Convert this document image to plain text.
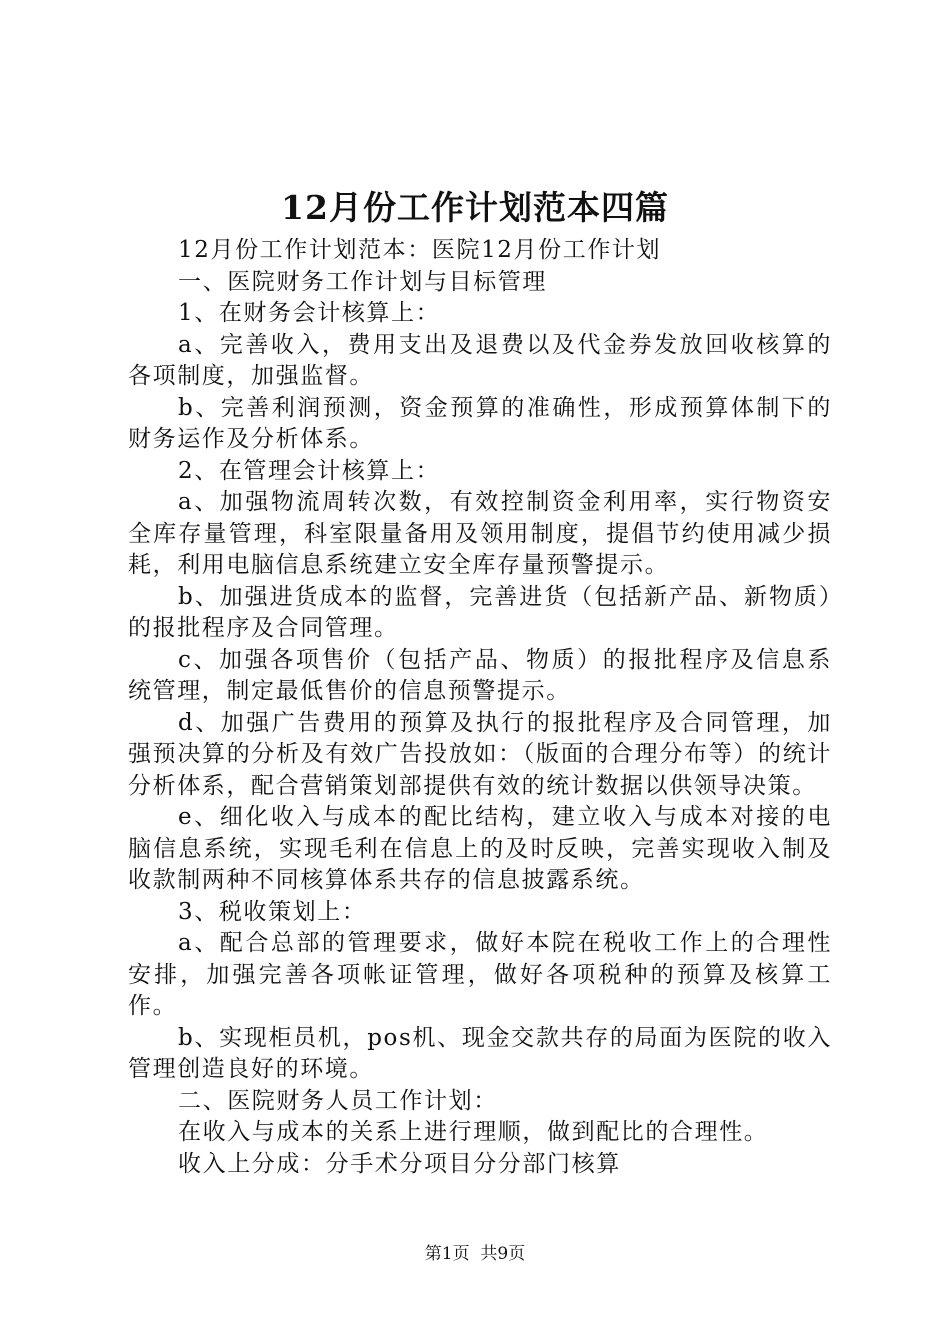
12月份工作计划范本四篇

12月份工作计划范本：医院12月份工作计划

一、医院财务工作计划与目标管理

1、在财务会计核算上：

a、完善收入，费用支出及退费以及代金券发放回收核算的各项制度，加强监督。

b、完善利润预测，资金预算的准确性，形成预算体制下的财务运作及分析体系。

2、在管理会计核算上：

a、加强物流周转次数，有效控制资金利用率，实行物资安全库存量管理，科室限量备用及领用制度，提倡节约使用减少损耗，利用电脑信息系统建立安全库存量预警提示。

b、加强进货成本的监督，完善进货（包括新产品、新物质）的报批程序及合同管理。

c、加强各项售价（包括产品、物质）的报批程序及信息系统管理，制定最低售价的信息预警提示。

d、加强广告费用的预算及执行的报批程序及合同管理，加强预决算的分析及有效广告投放如：（版面的合理分布等）的统计分析体系，配合营销策划部提供有效的统计数据以供领导决策。

e、细化收入与成本的配比结构，建立收入与成本对接的电脑信息系统，实现毛利在信息上的及时反映，完善实现收入制及收款制两种不同核算体系共存的信息披露系统。

3、税收策划上：

a、配合总部的管理要求，做好本院在税收工作上的合理性安排，加强完善各项帐证管理，做好各项税种的预算及核算工作。

b、实现柜员机，pos机、现金交款共存的局面为医院的收入管理创造良好的环境。

二、医院财务人员工作计划：

在收入与成本的关系上进行理顺，做到配比的合理性。

收入上分成：分手术分项目分分部门核算

第1页 共9页
